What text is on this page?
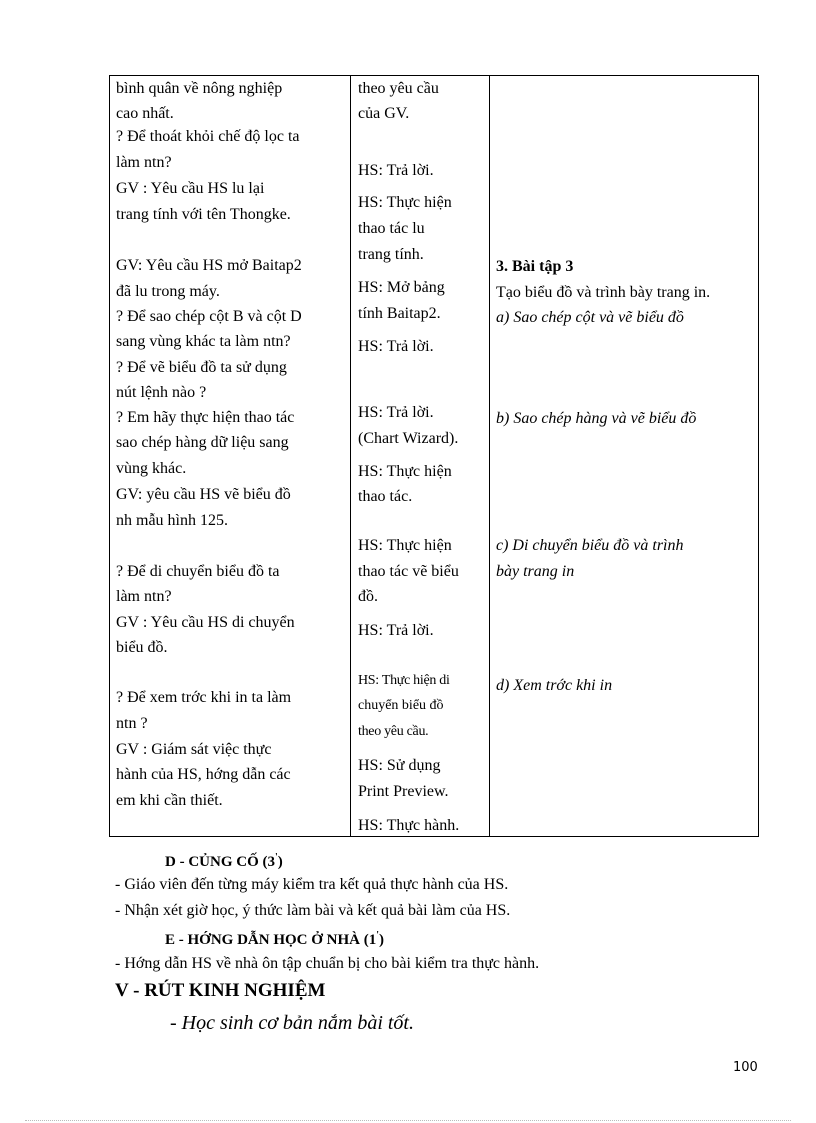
bình quân về nông nghiệp
cao nhất.
? Để thoát khỏi chế độ lọc ta
làm ntn?
GV : Yêu cầu HS lu lại
trang tính với tên Thongke.
GV: Yêu cầu HS mở Baitap2
đã lu trong máy.
? Để sao chép cột B và cột D
sang vùng khác ta làm ntn?
? Để vẽ biểu đồ ta sử dụng
nút lệnh nào ?
? Em hãy thực hiện thao tác
sao chép hàng dữ liệu sang
vùng khác.
GV: yêu cầu HS vẽ biểu đồ
nh mẫu hình 125.
? Để di chuyển biểu đồ ta
làm ntn?
GV : Yêu cầu HS di chuyển
biểu đồ.
? Để xem trớc khi in ta làm
ntn ?
GV : Giám sát việc thực
hành của HS, hớng dẫn các
em khi cần thiết.
theo yêu cầu
của GV.
HS: Trả lời.
HS: Thực hiện
thao tác lu
trang tính.
HS: Mở bảng
tính Baitap2.
HS: Trả lời.
HS: Trả lời.
(Chart Wizard).
HS: Thực hiện
thao tác.
HS: Thực hiện
thao tác vẽ biểu
đồ.
HS: Trả lời.
HS: Thực hiện di
chuyển biểu đồ
theo yêu cầu.
HS: Sử dụng
Print Preview.
HS: Thực hành.
3. Bài tập 3
Tạo biểu đồ và trình bày trang in.
a) Sao chép cột và vẽ biểu đồ
b) Sao chép hàng và vẽ biểu đồ
c) Di chuyển biểu đồ và trình
bày trang in
d) Xem trớc khi in
D - CỦNG CỐ (3')
- Giáo viên đến từng máy kiểm tra kết quả thực hành của HS.
- Nhận xét giờ học, ý thức làm bài và kết quả bài làm của HS.
E - HỚNG DẪN HỌC Ở NHÀ (1')
- Hớng dẫn HS về nhà ôn tập chuẩn bị cho bài kiểm tra thực hành.
V - RÚT KINH NGHIỆM
- Học sinh cơ bản nắm bài tốt.
100
